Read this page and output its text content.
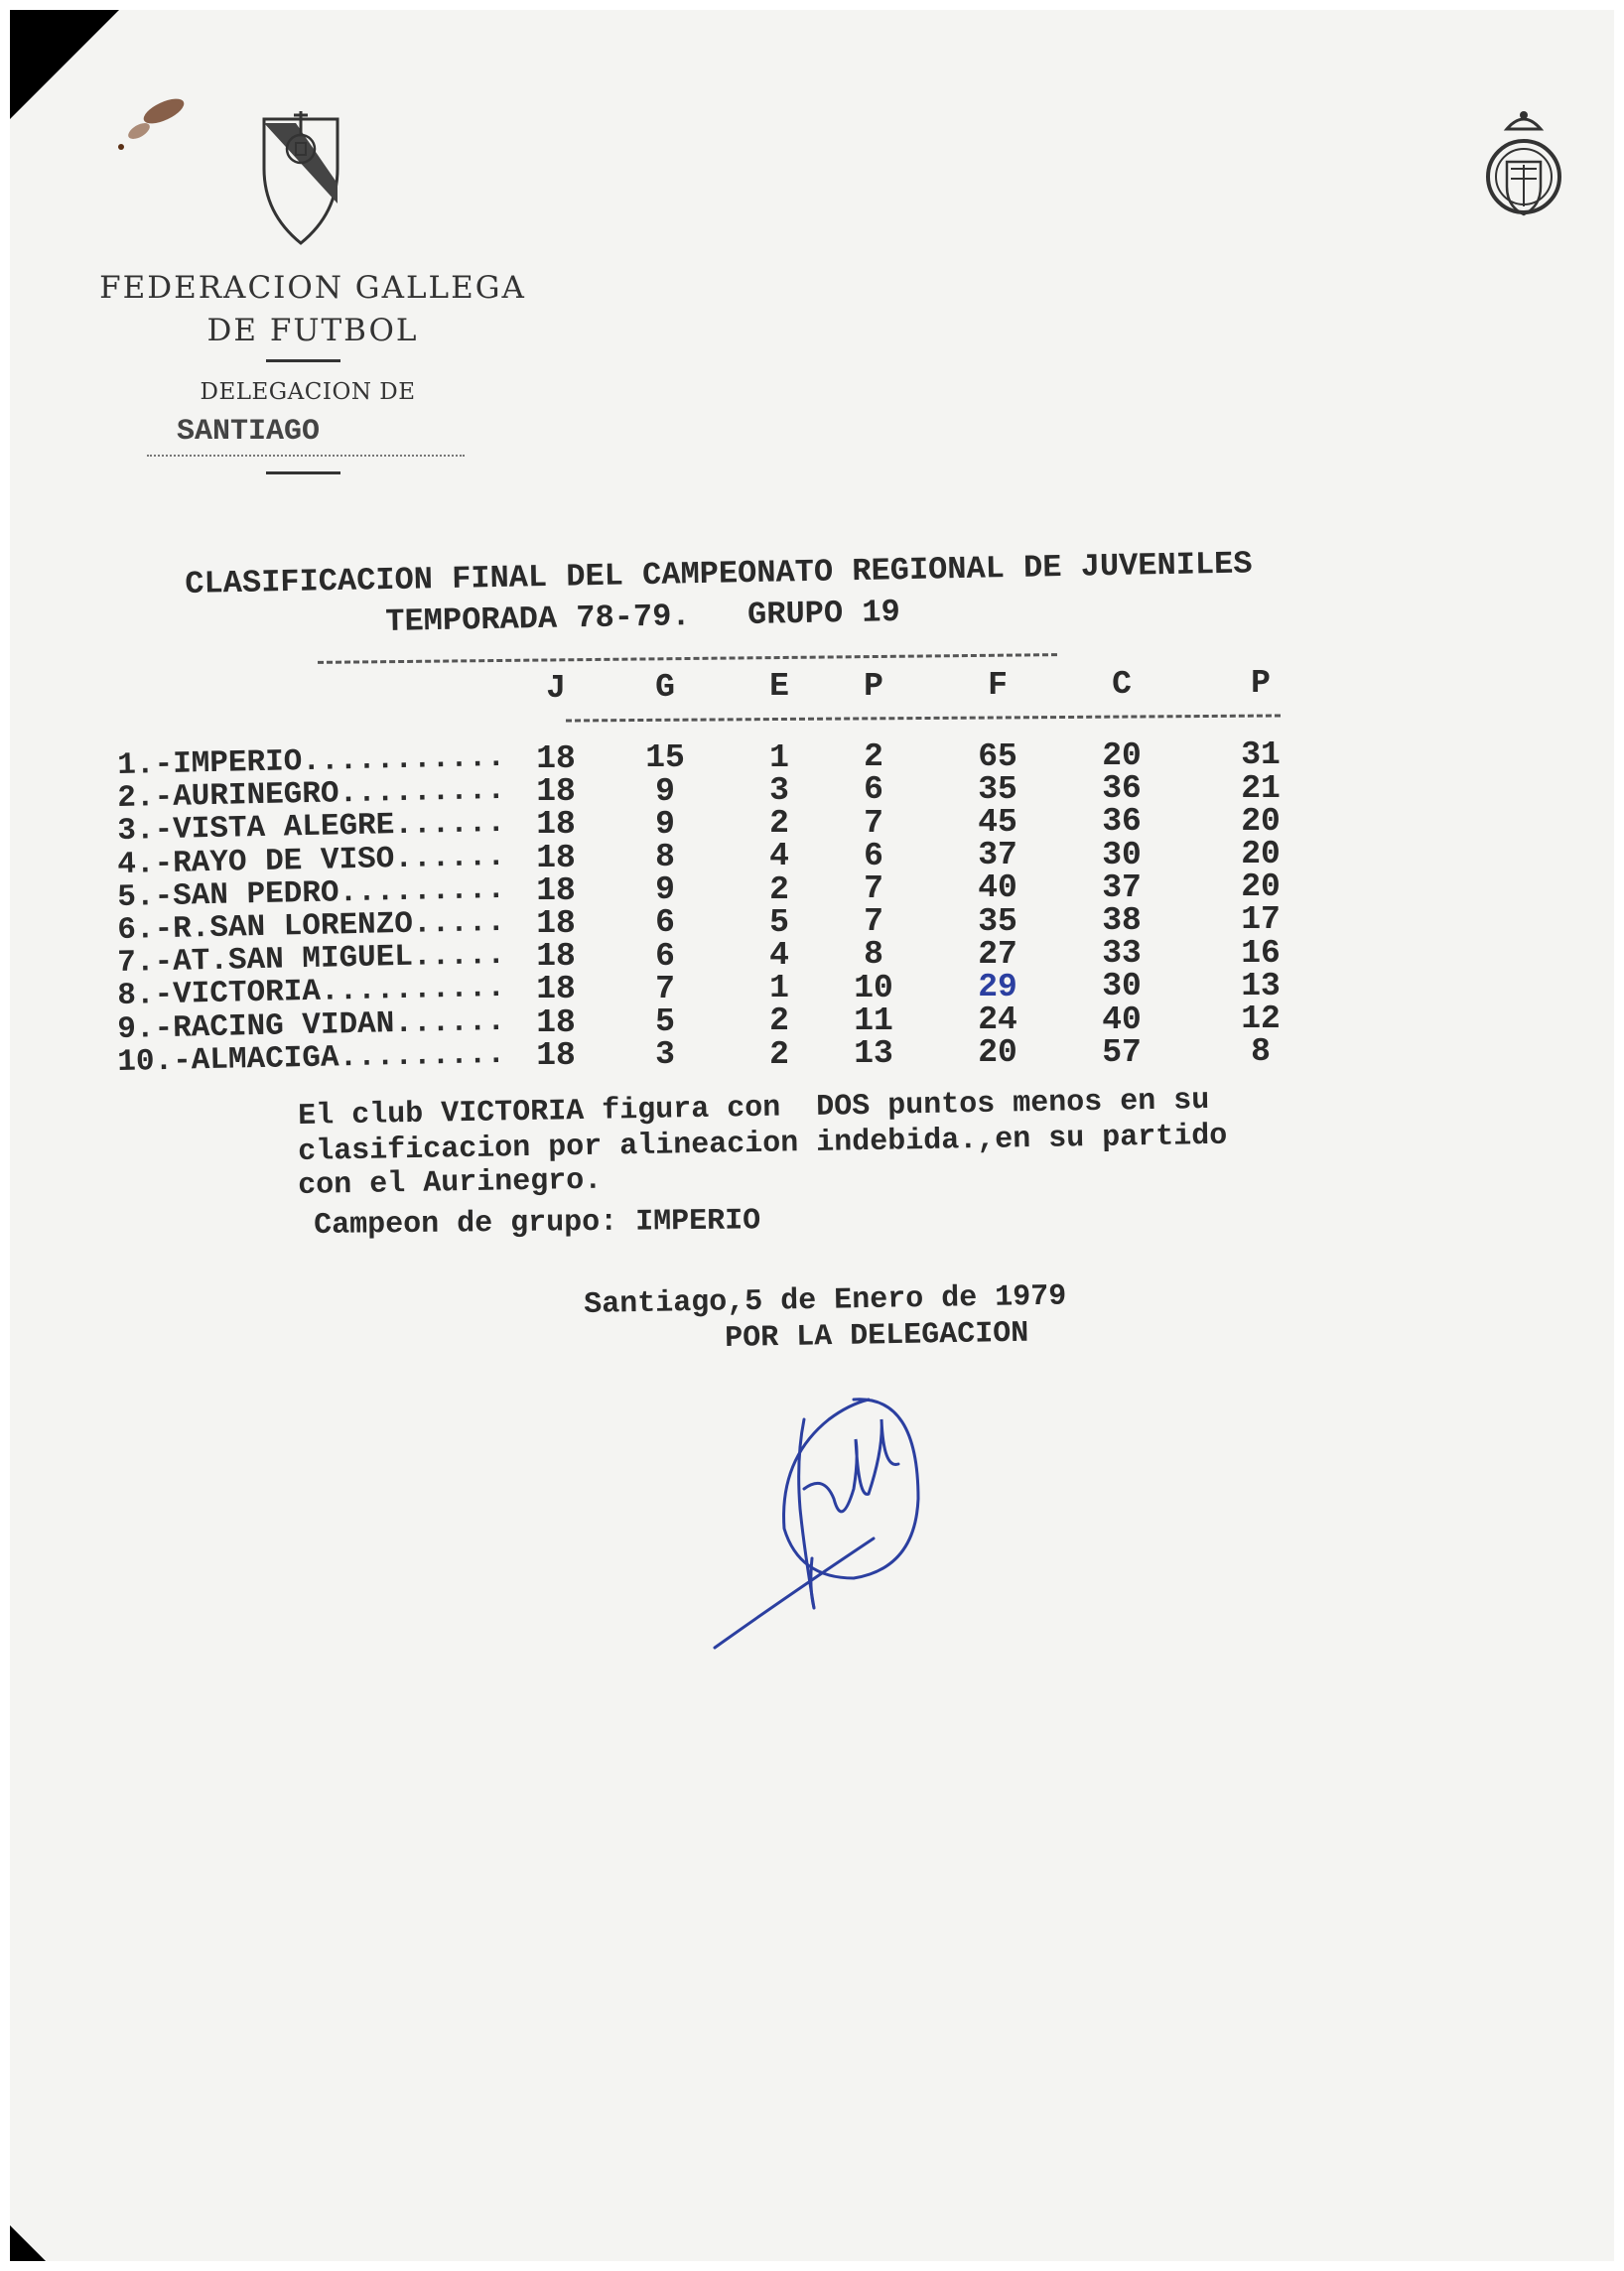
FEDERACION GALLEGA
DE FUTBOL
DELEGACION DE
SANTIAGO
CLASIFICACION FINAL DEL CAMPEONATO REGIONAL DE JUVENILES
TEMPORADA 78-79.   GRUPO 19
J	G	E	P	F	C	P
1.-IMPERIO........... 18	15	1	2	65	20	31
2.-AURINEGRO......... 18	9	3	6	35	36	21
3.-VISTA ALEGRE...... 18	9	2	7	45	36	20
4.-RAYO DE VISO...... 18	8	4	6	37	30	20
5.-SAN PEDRO......... 18	9	2	7	40	37	20
6.-R.SAN LORENZO..... 18	6	5	7	35	38	17
7.-AT.SAN MIGUEL..... 18	6	4	8	27	33	16
8.-VICTORIA.......... 18	7	1	10	29	30	13
9.-RACING VIDAN...... 18	5	2	11	24	40	12
10.-ALMACIGA......... 18	3	2	13	20	57	8
El club VICTORIA figura con  DOS puntos menos en su
clasificacion por alineacion indebida.,en su partido
con el Aurinegro.
Campeon de grupo: IMPERIO
Santiago,5 de Enero de 1979
POR LA DELEGACION
